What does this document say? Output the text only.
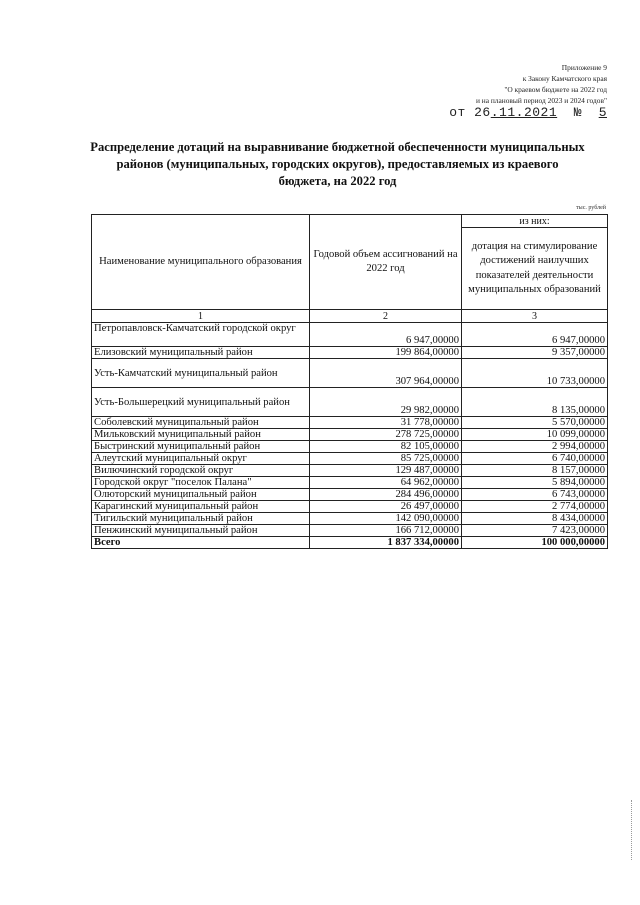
Приложение 9
к Закону Камчатского края
"О краевом бюджете на 2022 год
и на плановый период 2023 и 2024 годов"
от 26.11.2021 № 5
Распределение дотаций на выравнивание бюджетной обеспеченности муниципальных районов (муниципальных, городских округов), предоставляемых из краевого бюджета, на 2022 год
тыс. рублей
Наименование муниципального образования	Годовой объем ассигнований на 2022 год	из них:
		дотация на стимулирование достижений наилучших показателей деятельности муниципальных образований
1	2	3
Петропавловск-Камчатский городской округ	6 947,00000	6 947,00000
Елизовский муниципальный район	199 864,00000	9 357,00000
Усть-Камчатский муниципальный район	307 964,00000	10 733,00000
Усть-Большерецкий муниципальный район	29 982,00000	8 135,00000
Соболевский муниципальный район	31 778,00000	5 570,00000
Мильковский муниципальный район	278 725,00000	10 099,00000
Быстринский муниципальный район	82 105,00000	2 994,00000
Алеутский муниципальный округ	85 725,00000	6 740,00000
Вилючинский городской округ	129 487,00000	8 157,00000
Городской округ "поселок Палана"	64 962,00000	5 894,00000
Олюторский муниципальный район	284 496,00000	6 743,00000
Карагинский муниципальный район	26 497,00000	2 774,00000
Тигильский муниципальный район	142 090,00000	8 434,00000
Пенжинский муниципальный район	166 712,00000	7 423,00000
Всего	1 837 334,00000	100 000,00000
